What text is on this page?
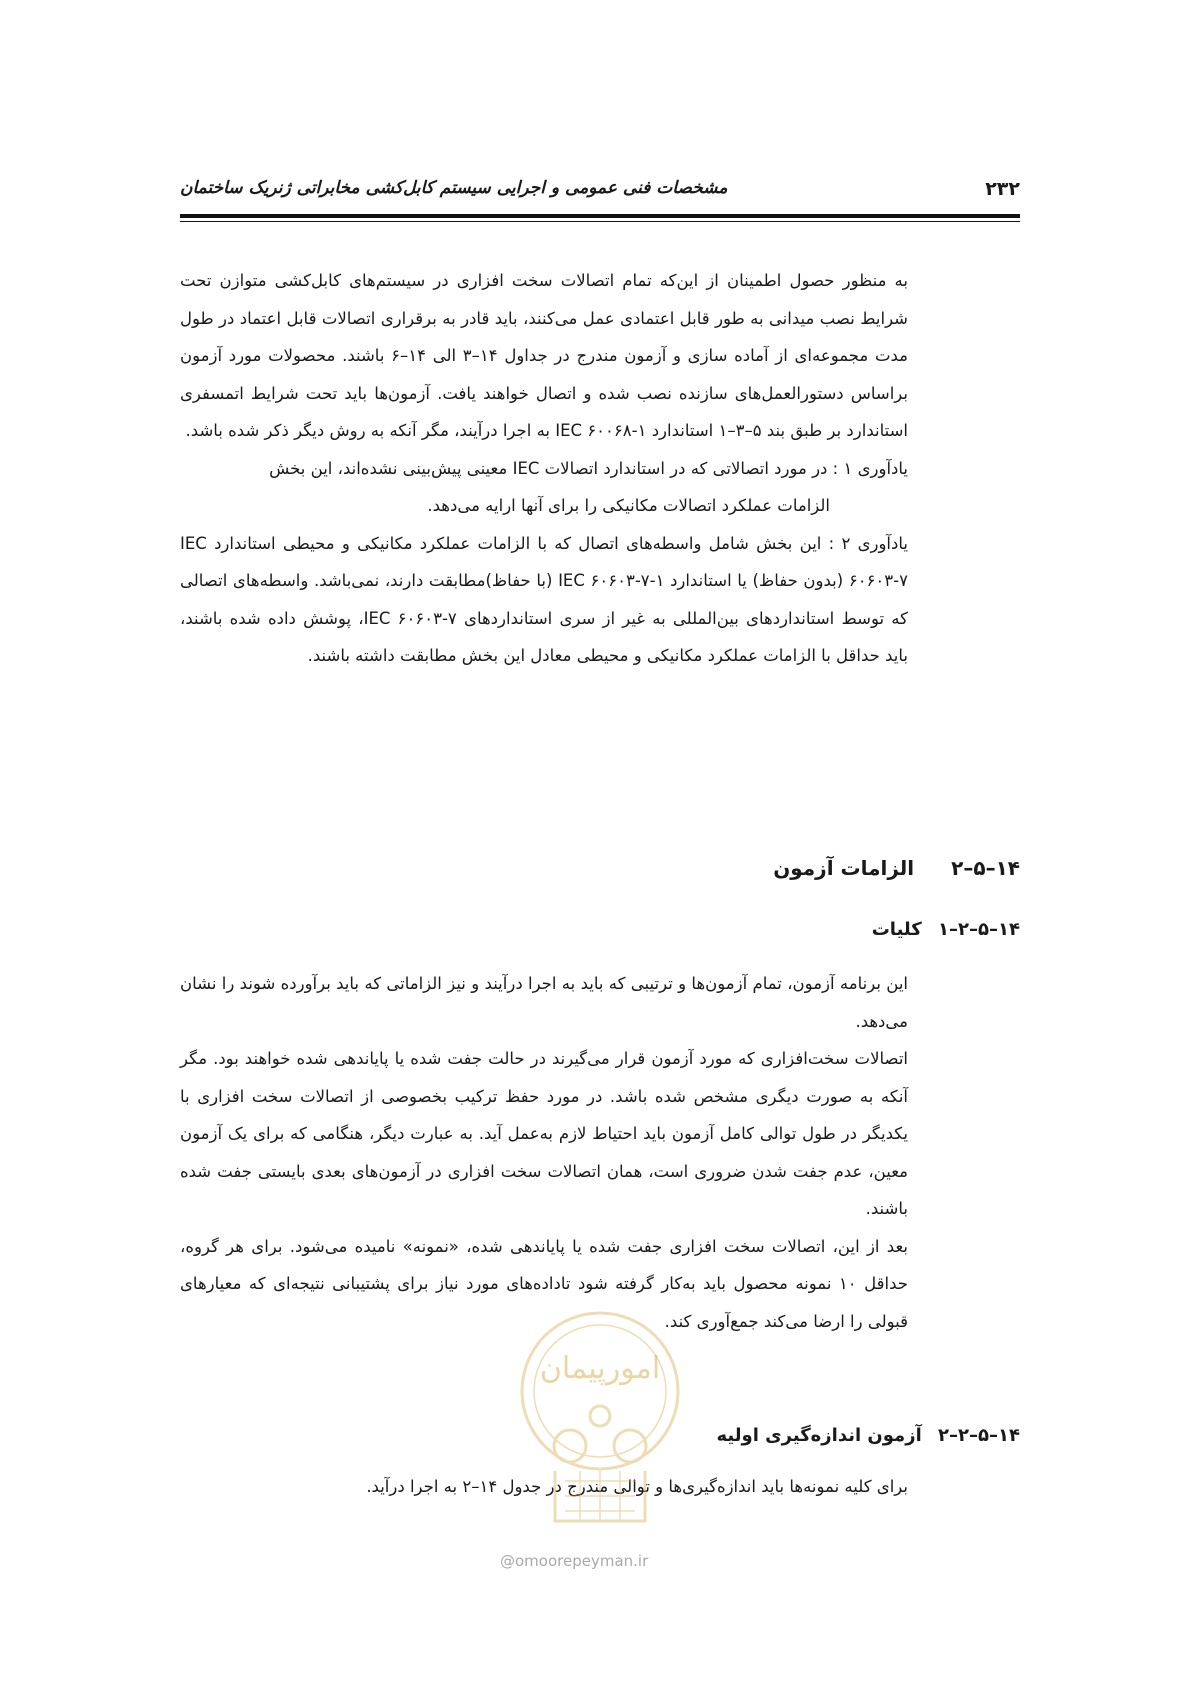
۲۳۲
مشخصات فنی عمومی و اجرایی سیستم کابل‌کشی مخابراتی ژنریک ساختمان

به منظور حصول اطمینان از این‌که تمام اتصالات سخت افزاری در سیستم‌های کابل‌کشی متوازن تحت شرایط نصب میدانی به طور قابل اعتمادی عمل می‌کنند، باید قادر به برقراری اتصالات قابل اعتماد در طول مدت مجموعه‌ای از آماده سازی و آزمون مندرج در جداول ۱۴–۳ الی ۱۴–۶ باشند. محصولات مورد آزمون براساس دستورالعمل‌های سازنده نصب شده و اتصال خواهند یافت. آزمون‌ها باید تحت شرایط اتمسفری استاندارد بر طبق بند ۵–۳–۱ استاندارد IEC ۶۰۰۶۸-۱ به اجرا درآیند، مگر آنکه به روش دیگر ذکر شده باشد.

یادآوری ۱ : در مورد اتصالاتی که در استاندارد اتصالات IEC معینی پیش‌بینی نشده‌اند، این بخش

الزامات عملکرد اتصالات مکانیکی را برای آنها ارایه می‌دهد.

یادآوری ۲ : این بخش شامل واسطه‌های اتصال که با الزامات عملکرد مکانیکی و محیطی استاندارد IEC ۶۰۶۰۳-۷ (بدون حفاظ) یا استاندارد IEC ۶۰۶۰۳-۷-۱ (با حفاظ)مطابقت دارند، نمی‌باشد. واسطه‌های اتصالی که توسط استانداردهای بین‌المللی به غیر از سری استانداردهای IEC ۶۰۶۰۳-۷، پوشش داده شده باشند، باید حداقل با الزامات عملکرد مکانیکی و محیطی معادل این بخش مطابقت داشته باشند.

۱۴–۵–۲ الزامات آزمون
۱۴–۵–۲–۱ کلیات

این برنامه آزمون، تمام آزمون‌ها و ترتیبی که باید به اجرا درآیند و نیز الزاماتی که باید برآورده شوند را نشان می‌دهد.

اتصالات سخت‌افزاری که مورد آزمون قرار می‌گیرند در حالت جفت شده یا پایاندهی شده خواهند بود. مگر آنکه به صورت دیگری مشخص شده باشد. در مورد حفظ ترکیب بخصوصی از اتصالات سخت افزاری با یکدیگر در طول توالی کامل آزمون باید احتیاط لازم به‌عمل آید. به عبارت دیگر، هنگامی که برای یک آزمون معین، عدم جفت شدن ضروری است، همان اتصالات سخت افزاری در آزمون‌های بعدی بایستی جفت شده باشند.

بعد از این، اتصالات سخت افزاری جفت شده یا پایاندهی شده، «نمونه» نامیده می‌شود. برای هر گروه، حداقل ۱۰ نمونه محصول باید به‌کار گرفته شود تاداده‌های مورد نیاز برای پشتیبانی نتیجه‌ای که معیارهای قبولی را ارضا می‌کند جمع‌آوری کند.

۱۴–۵–۲–۲ آزمون اندازه‌گیری اولیه

برای کلیه نمونه‌ها باید اندازه‌گیری‌ها و توالی مندرج در جدول ۱۴–۲ به اجرا درآید.

امورپیمان
@omoorepeyman.ir
